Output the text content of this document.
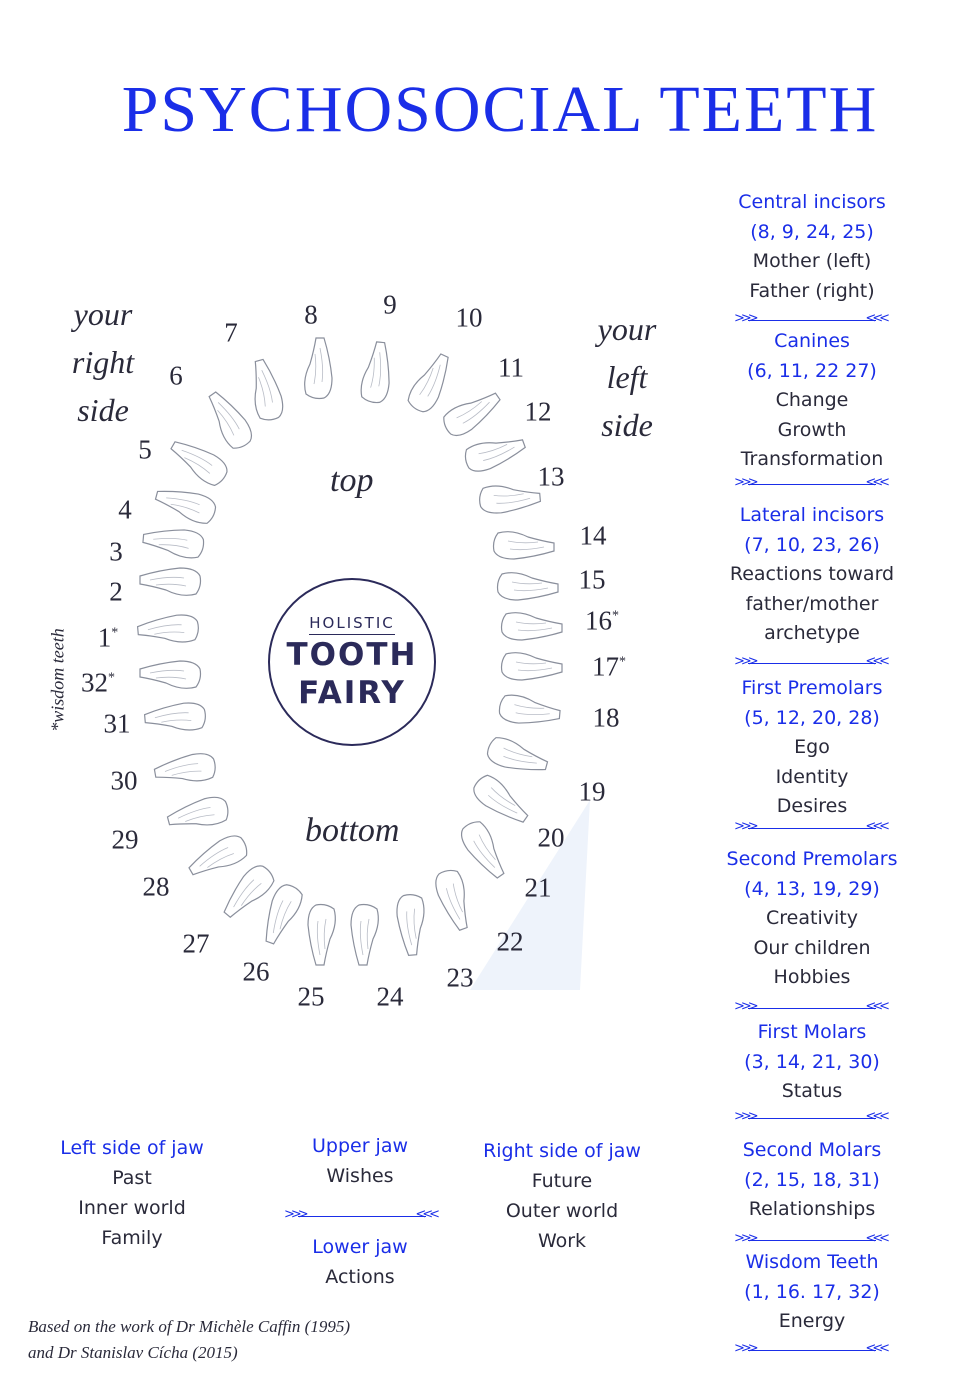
PSYCHOSOCIAL TEETH
your
right
side
your
left
side
top
bottom
*wisdom teeth 1*
2
3
4
5
6
7
8 9 10
11
12
13
14
15
16*
17*
18
19
20
21
22
23
24
25
26
27
28
29
30
31
32*
HOLISTIC
TOOTH
FAIRY
Central incisors
(8, 9, 24, 25)
Mother (left)
Father (right)
>>>	<<<
Canines
(6, 11, 22 27)
Change
Growth
Transformation
>>>	<<<
Lateral incisors
(7, 10, 23, 26)
Reactions toward
father/mother
archetype
>>>	<<<
First Premolars
(5, 12, 20, 28)
Ego
Identity
Desires
>>>	<<<
Second Premolars
(4, 13, 19, 29)
Creativity
Our children
Hobbies
>>>	<<<
First Molars
(3, 14, 21, 30)
Status
>>>	<<<
Second Molars
(2, 15, 18, 31)
Relationships
>>>	<<<
Wisdom Teeth
(1, 16. 17, 32)
Energy
>>>	<<<
Left side of jaw
Past
Inner world
Family
Upper jaw
Wishes
>>>	<<<
Lower jaw
Actions
Right side of jaw
Future
Outer world
Work
Based on the work of Dr Michèle Caffin (1995)
and Dr Stanislav Cícha (2015)
